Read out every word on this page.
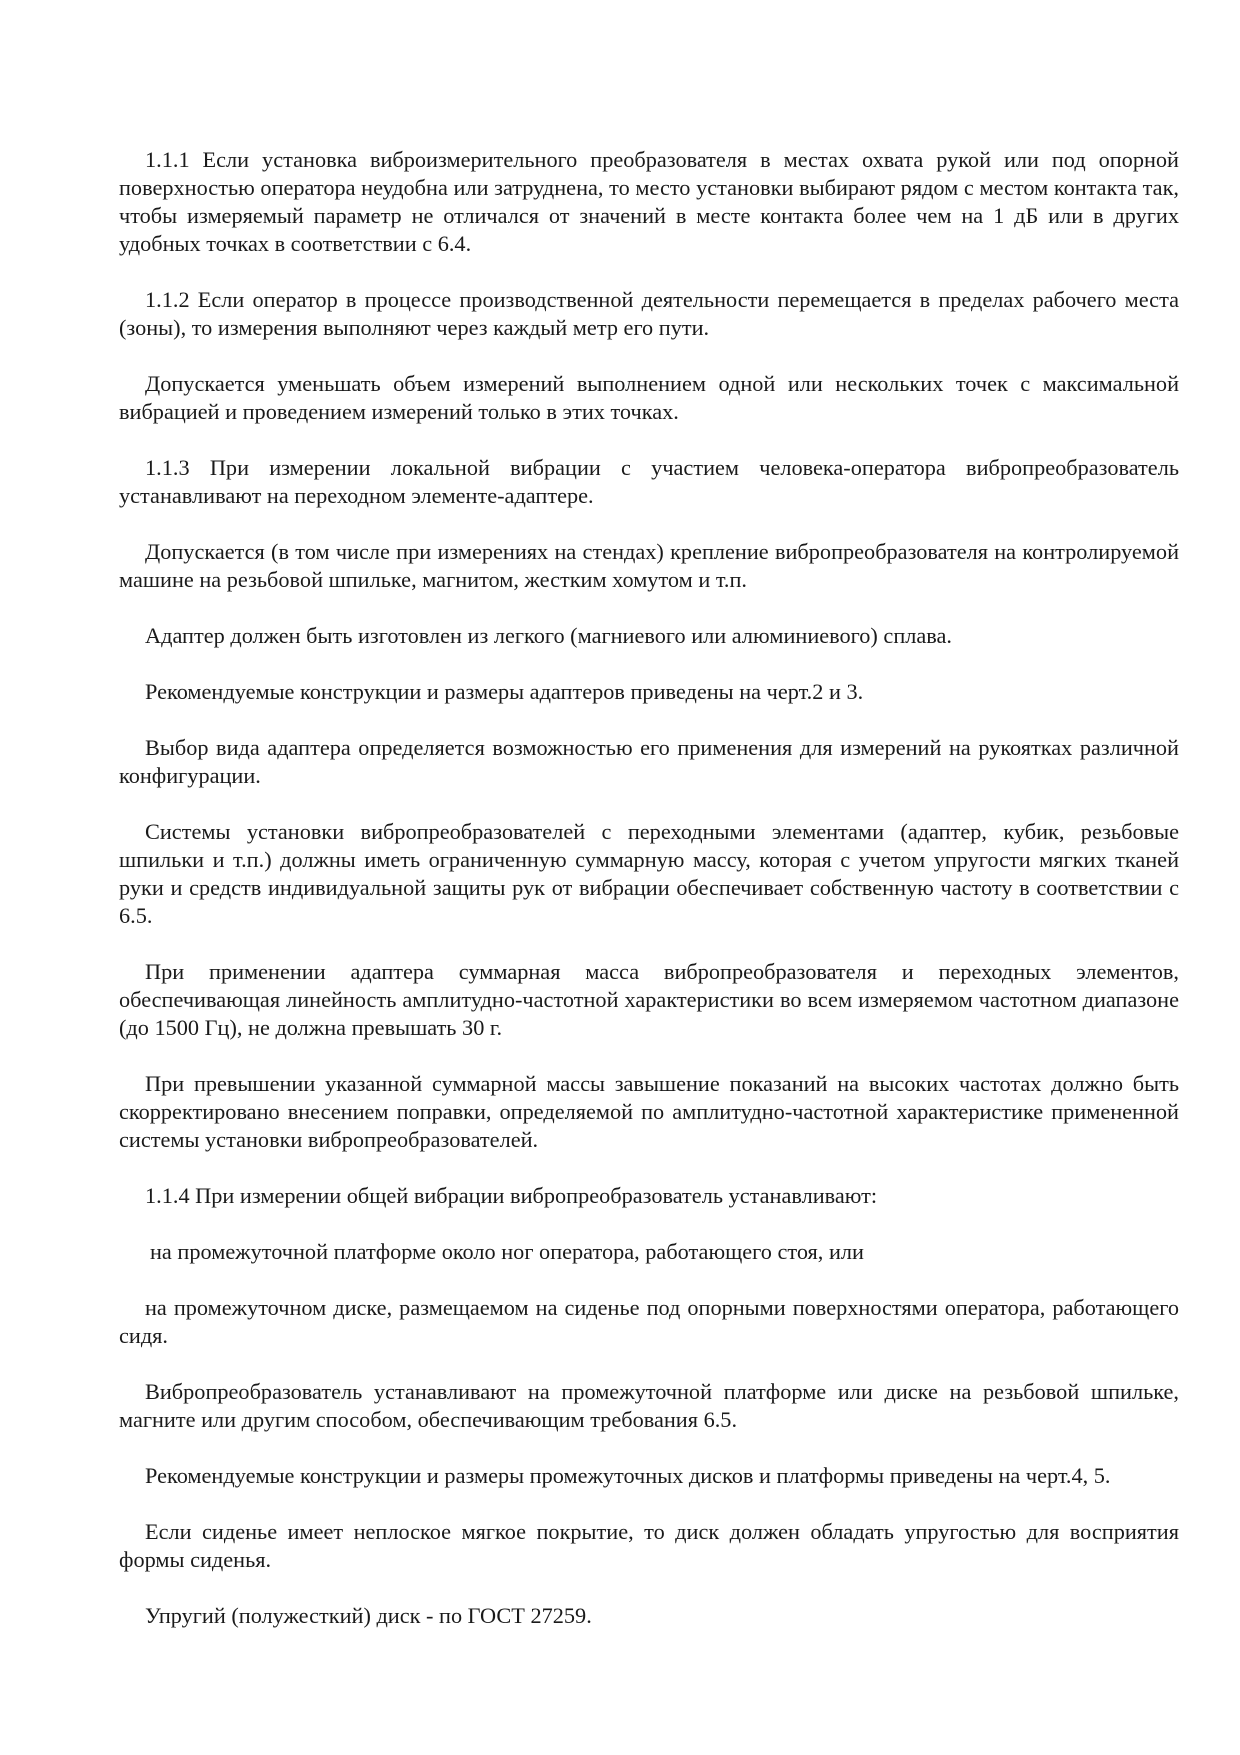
1.1.1 Если установка виброизмерительного преобразователя в местах охвата рукой или под опорной поверхностью оператора неудобна или затруднена, то место установки выбирают рядом с местом контакта так, чтобы измеряемый параметр не отличался от значений в месте контакта более чем на 1 дБ или в других удобных точках в соответствии с 6.4.

1.1.2 Если оператор в процессе производственной деятельности перемещается в пределах рабочего места (зоны), то измерения выполняют через каждый метр его пути.

Допускается уменьшать объем измерений выполнением одной или нескольких точек с максимальной вибрацией и проведением измерений только в этих точках.

1.1.3 При измерении локальной вибрации с участием человека-оператора вибропреобразователь устанавливают на переходном элементе-адаптере.

Допускается (в том числе при измерениях на стендах) крепление вибропреобразователя на контролируемой машине на резьбовой шпильке, магнитом, жестким хомутом и т.п.

Адаптер должен быть изготовлен из легкого (магниевого или алюминиевого) сплава.

Рекомендуемые конструкции и размеры адаптеров приведены на черт.2 и 3.

Выбор вида адаптера определяется возможностью его применения для измерений на рукоятках различной конфигурации.

Системы установки вибропреобразователей с переходными элементами (адаптер, кубик, резьбовые шпильки и т.п.) должны иметь ограниченную суммарную массу, которая с учетом упругости мягких тканей руки и средств индивидуальной защиты рук от вибрации обеспечивает собственную частоту в соответствии с 6.5.

При применении адаптера суммарная масса вибропреобразователя и переходных элементов, обеспечивающая линейность амплитудно-частотной характеристики во всем измеряемом частотном диапазоне (до 1500 Гц), не должна превышать 30 г.

При превышении указанной суммарной массы завышение показаний на высоких частотах должно быть скорректировано внесением поправки, определяемой по амплитудно-частотной характеристике примененной системы установки вибропреобразователей.

1.1.4 При измерении общей вибрации вибропреобразователь устанавливают:

на промежуточной платформе около ног оператора, работающего стоя, или

на промежуточном диске, размещаемом на сиденье под опорными поверхностями оператора, работающего сидя.

Вибропреобразователь устанавливают на промежуточной платформе или диске на резьбовой шпильке, магните или другим способом, обеспечивающим требования 6.5.

Рекомендуемые конструкции и размеры промежуточных дисков и платформы приведены на черт.4, 5.

Если сиденье имеет неплоское мягкое покрытие, то диск должен обладать упругостью для восприятия формы сиденья.

Упругий (полужесткий) диск - по ГОСТ 27259.
